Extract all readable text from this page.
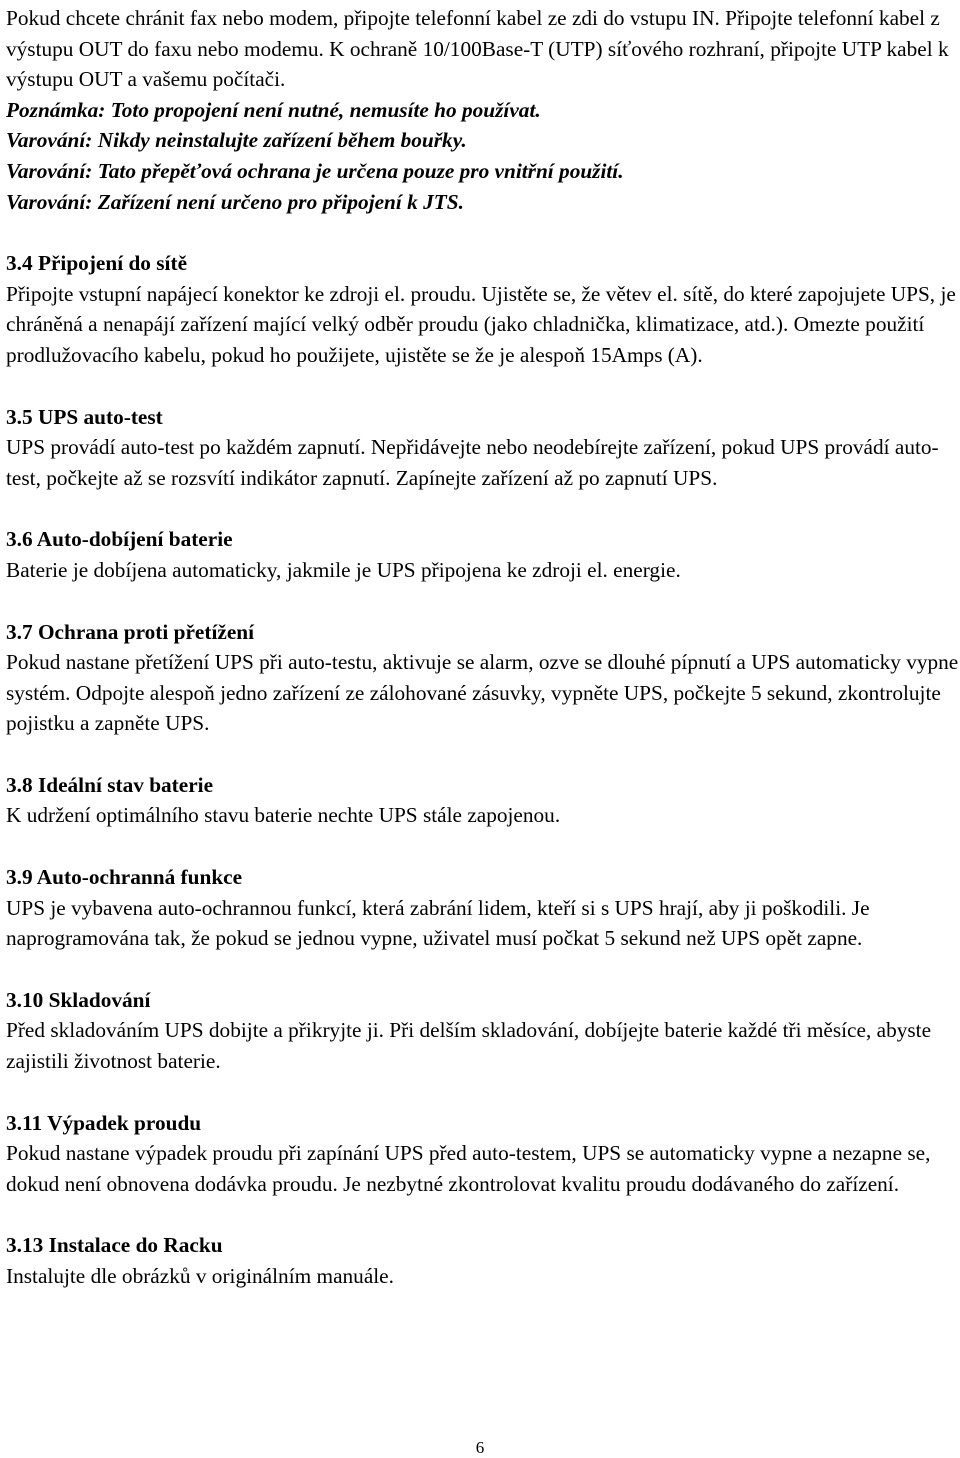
Pokud chcete chránit fax nebo modem, připojte telefonní kabel ze zdi do vstupu IN. Připojte telefonní kabel z výstupu OUT do faxu nebo modemu. K ochraně 10/100Base-T (UTP) síťového rozhraní, připojte UTP kabel k výstupu OUT a vašemu počítači.

Poznámka: Toto propojení není nutné, nemusíte ho používat.

Varování: Nikdy neinstalujte zařízení během bouřky.

Varování: Tato přepěťová ochrana je určena pouze pro vnitřní použití.

Varování: Zařízení není určeno pro připojení k JTS.

3.4 Připojení do sítě

Připojte vstupní napájecí konektor ke zdroji el. proudu. Ujistěte se, že větev el. sítě, do které zapojujete UPS, je chráněná a nenapájí zařízení mající velký odběr proudu (jako chladnička, klimatizace, atd.). Omezte použití prodlužovacího kabelu, pokud ho použijete, ujistěte se že je alespoň 15Amps (A).

3.5 UPS auto-test

UPS provádí auto-test po každém zapnutí. Nepřidávejte nebo neodebírejte zařízení, pokud UPS provádí auto-test, počkejte až se rozsvítí indikátor zapnutí. Zapínejte zařízení až po zapnutí UPS.

3.6 Auto-dobíjení baterie

Baterie je dobíjena automaticky, jakmile je UPS připojena ke zdroji el. energie.

3.7 Ochrana proti přetížení

Pokud nastane přetížení UPS při auto-testu, aktivuje se alarm, ozve se dlouhé pípnutí a UPS automaticky vypne systém. Odpojte alespoň jedno zařízení ze zálohované zásuvky, vypněte UPS, počkejte 5 sekund, zkontrolujte pojistku a zapněte UPS.

3.8 Ideální stav baterie

K udržení optimálního stavu baterie nechte UPS stále zapojenou.

3.9 Auto-ochranná funkce

UPS je vybavena auto-ochrannou funkcí, která zabrání lidem, kteří si s UPS hrají, aby ji poškodili. Je naprogramována tak, že pokud se jednou vypne, uživatel musí počkat 5 sekund než UPS opět zapne.

3.10 Skladování

Před skladováním UPS dobijte a přikryjte ji. Při delším skladování, dobíjejte baterie každé tři měsíce, abyste zajistili životnost baterie.

3.11 Výpadek proudu

Pokud nastane výpadek proudu při zapínání UPS před auto-testem, UPS se automaticky vypne a nezapne se, dokud není obnovena dodávka proudu. Je nezbytné zkontrolovat kvalitu proudu dodávaného do zařízení.

3.13 Instalace do Racku

Instalujte dle obrázků v originálním manuále.

6
